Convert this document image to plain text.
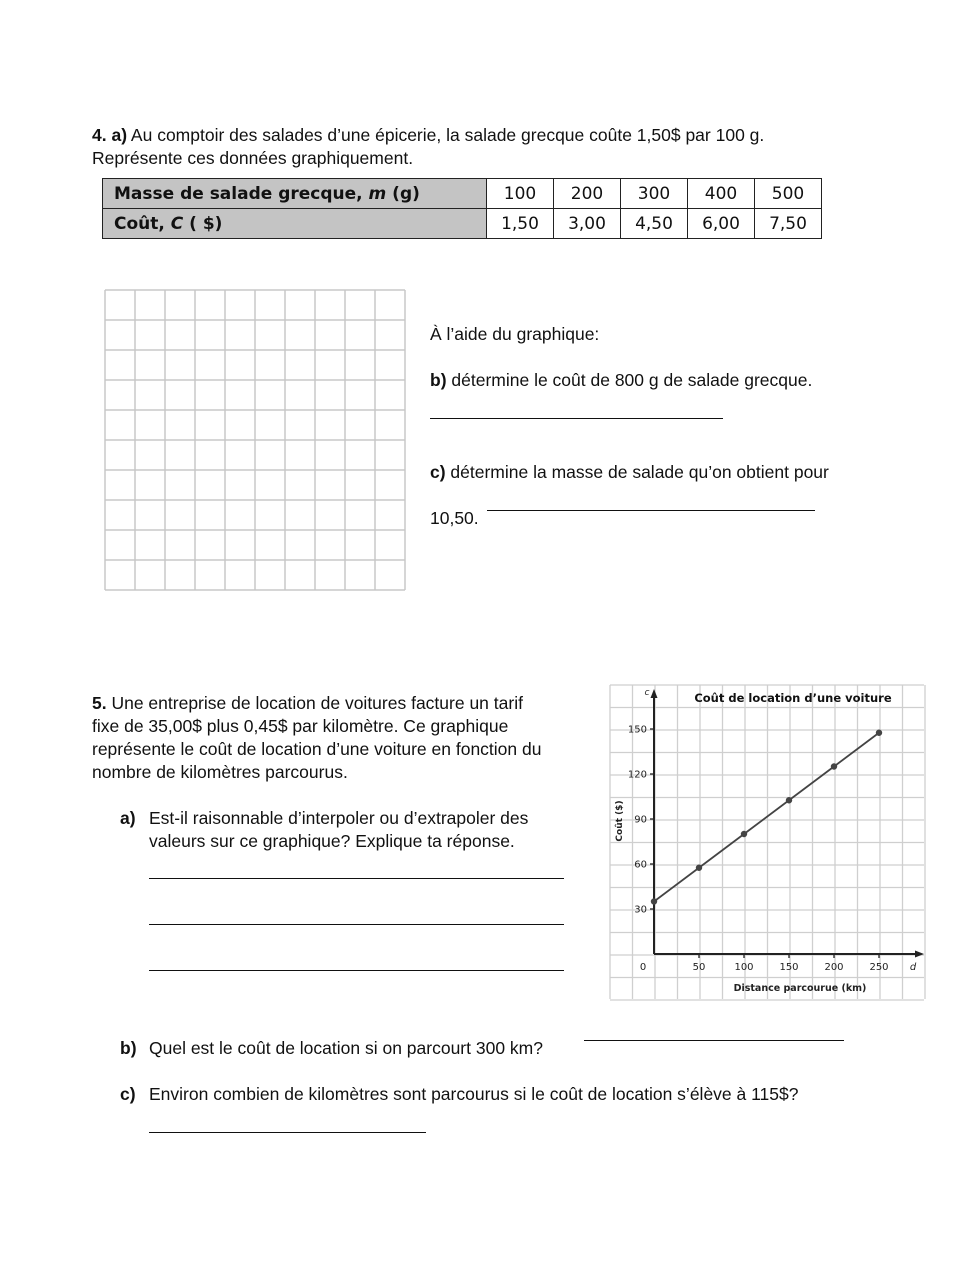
4. a) Au comptoir des salades d’une épicerie, la salade grecque coûte 1,50$ par 100 g.
Représente ces données graphiquement.
Masse de salade grecque, m (g)	100	200	300	400	500
Coût, C ( $)	1,50	3,00	4,50	6,00	7,50
À l’aide du graphique:
b) détermine le coût de 800 g de salade grecque.
c) détermine la masse de salade qu’on obtient pour
10,50.
5. Une entreprise de location de voitures facture un tarif
fixe de 35,00$ plus 0,45$ par kilomètre. Ce graphique
représente le coût de location d’une voiture en fonction du
nombre de kilomètres parcourus.
a) Est-il raisonnable d’interpoler ou d’extrapoler des
valeurs sur ce graphique? Explique ta réponse.
b) Quel est le coût de location si on parcourt 300 km?
c) Environ combien de kilomètres sont parcourus si le coût de location s’élève à 115$?
Coût de location d’une voiture
c
d
Distance parcourue (km)
Coût ($)
30
60
90
120
150
0	50	100	150	200	250
